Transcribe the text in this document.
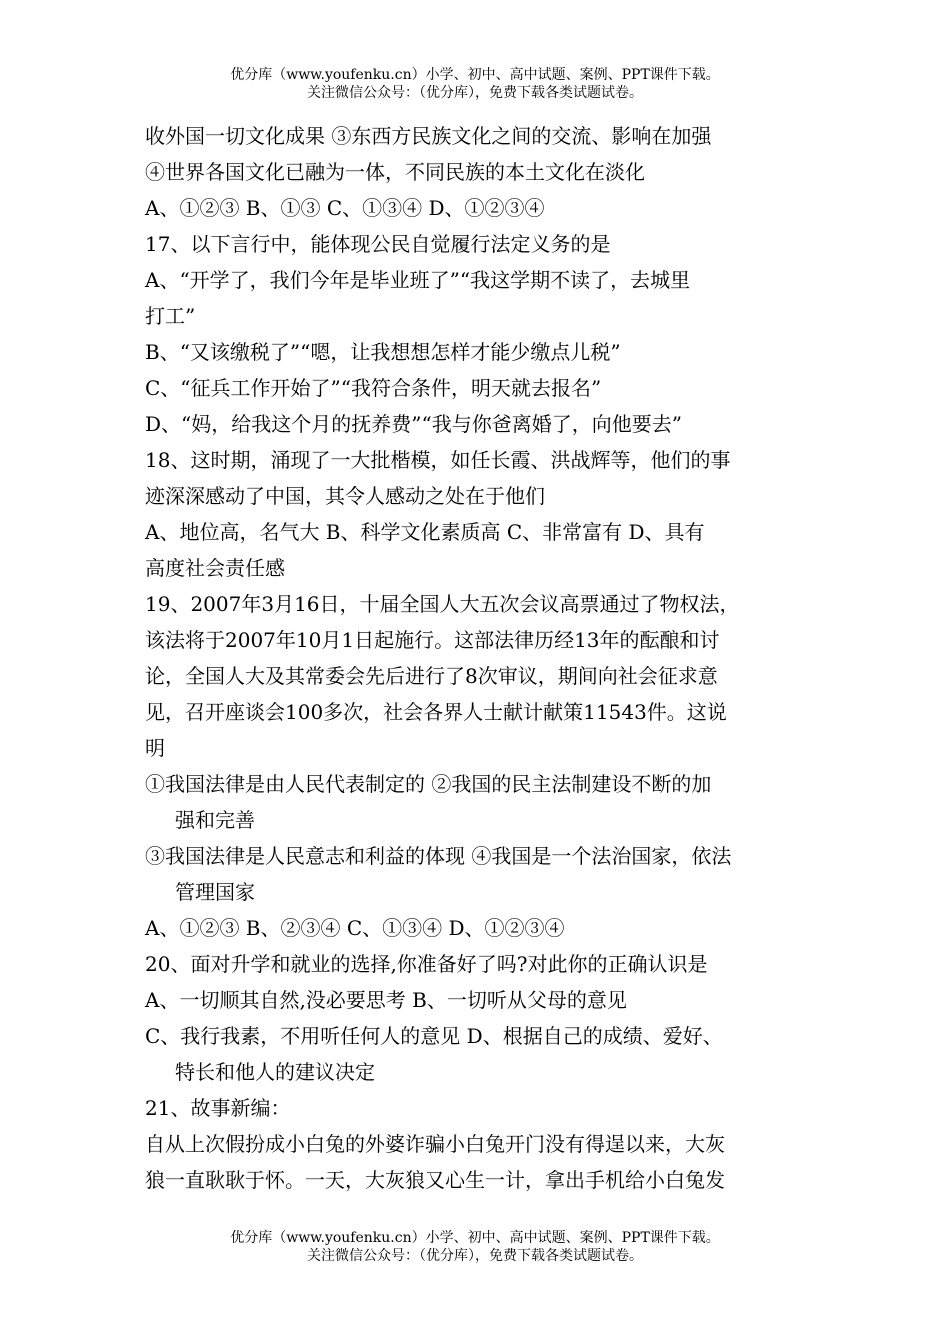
优分库（www.youfenku.cn）小学、初中、高中试题、案例、PPT课件下载。
关注微信公众号：（优分库），免费下载各类试题试卷。
收外国一切文化成果 ③东西方民族文化之间的交流、影响在加强
④世界各国文化已融为一体，不同民族的本土文化在淡化
A、①②③ B、①③ C、①③④ D、①②③④
17、以下言行中，能体现公民自觉履行法定义务的是
A、“开学了，我们今年是毕业班了”“我这学期不读了，去城里
打工”
B、“又该缴税了”“嗯，让我想想怎样才能少缴点儿税”
C、“征兵工作开始了”“我符合条件，明天就去报名”
D、“妈，给我这个月的抚养费”“我与你爸离婚了，向他要去”
18、这时期，涌现了一大批楷模，如任长霞、洪战辉等，他们的事
迹深深感动了中国，其令人感动之处在于他们
A、地位高，名气大 B、科学文化素质高 C、非常富有 D、具有
高度社会责任感
19、2007年3月16日，十届全国人大五次会议高票通过了物权法，
该法将于2007年10月1日起施行。这部法律历经13年的酝酿和讨
论，全国人大及其常委会先后进行了8次审议，期间向社会征求意
见，召开座谈会100多次，社会各界人士献计献策11543件。这说
明
①我国法律是由人民代表制定的 ②我国的民主法制建设不断的加
强和完善
③我国法律是人民意志和利益的体现 ④我国是一个法治国家，依法
管理国家
A、①②③ B、②③④ C、①③④ D、①②③④
20、面对升学和就业的选择,你准备好了吗?对此你的正确认识是
A、一切顺其自然,没必要思考 B、一切听从父母的意见
C、我行我素，不用听任何人的意见 D、根据自己的成绩、爱好、
特长和他人的建议决定
21、故事新编：
自从上次假扮成小白兔的外婆诈骗小白兔开门没有得逞以来，大灰
狼一直耿耿于怀。一天，大灰狼又心生一计，拿出手机给小白兔发
优分库（www.youfenku.cn）小学、初中、高中试题、案例、PPT课件下载。
关注微信公众号：（优分库），免费下载各类试题试卷。
